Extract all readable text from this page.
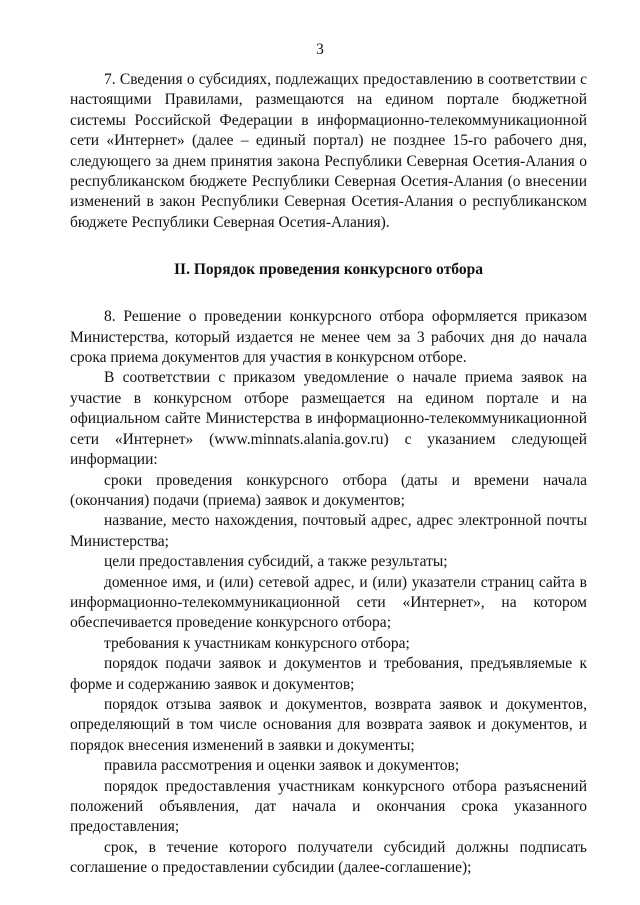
3

7. Сведения о субсидиях, подлежащих предоставлению в соответствии с настоящими Правилами, размещаются на едином портале бюджетной системы Российской Федерации в информационно-телекоммуникационной сети «Интернет» (далее – единый портал) не позднее 15-го рабочего дня, следующего за днем принятия закона Республики Северная Осетия-Алания о республиканском бюджете Республики Северная Осетия-Алания (о внесении изменений в закон Республики Северная Осетия-Алания о республиканском бюджете Республики Северная Осетия-Алания).

II. Порядок проведения конкурсного отбора

8. Решение о проведении конкурсного отбора оформляется приказом Министерства, который издается не менее чем за 3 рабочих дня до начала срока приема документов для участия в конкурсном отборе.

В соответствии с приказом уведомление о начале приема заявок на участие в конкурсном отборе размещается на едином портале и на официальном сайте Министерства в информационно-телекоммуникационной сети «Интернет» (www.minnats.alania.gov.ru) с указанием следующей информации:

сроки проведения конкурсного отбора (даты и времени начала (окончания) подачи (приема) заявок и документов;

название, место нахождения, почтовый адрес, адрес электронной почты Министерства;

цели предоставления субсидий, а также результаты;

доменное имя, и (или) сетевой адрес, и (или) указатели страниц сайта в информационно-телекоммуникационной сети «Интернет», на котором обеспечивается проведение конкурсного отбора;

требования к участникам конкурсного отбора;

порядок подачи заявок и документов и требования, предъявляемые к форме и содержанию заявок и документов;

порядок отзыва заявок и документов, возврата заявок и документов, определяющий в том числе основания для возврата заявок и документов, и порядок внесения изменений в заявки и документы;

правила рассмотрения и оценки заявок и документов;

порядок предоставления участникам конкурсного отбора разъяснений положений объявления, дат начала и окончания срока указанного предоставления;

срок, в течение которого получатели субсидий должны подписать соглашение о предоставлении субсидии (далее-соглашение);
